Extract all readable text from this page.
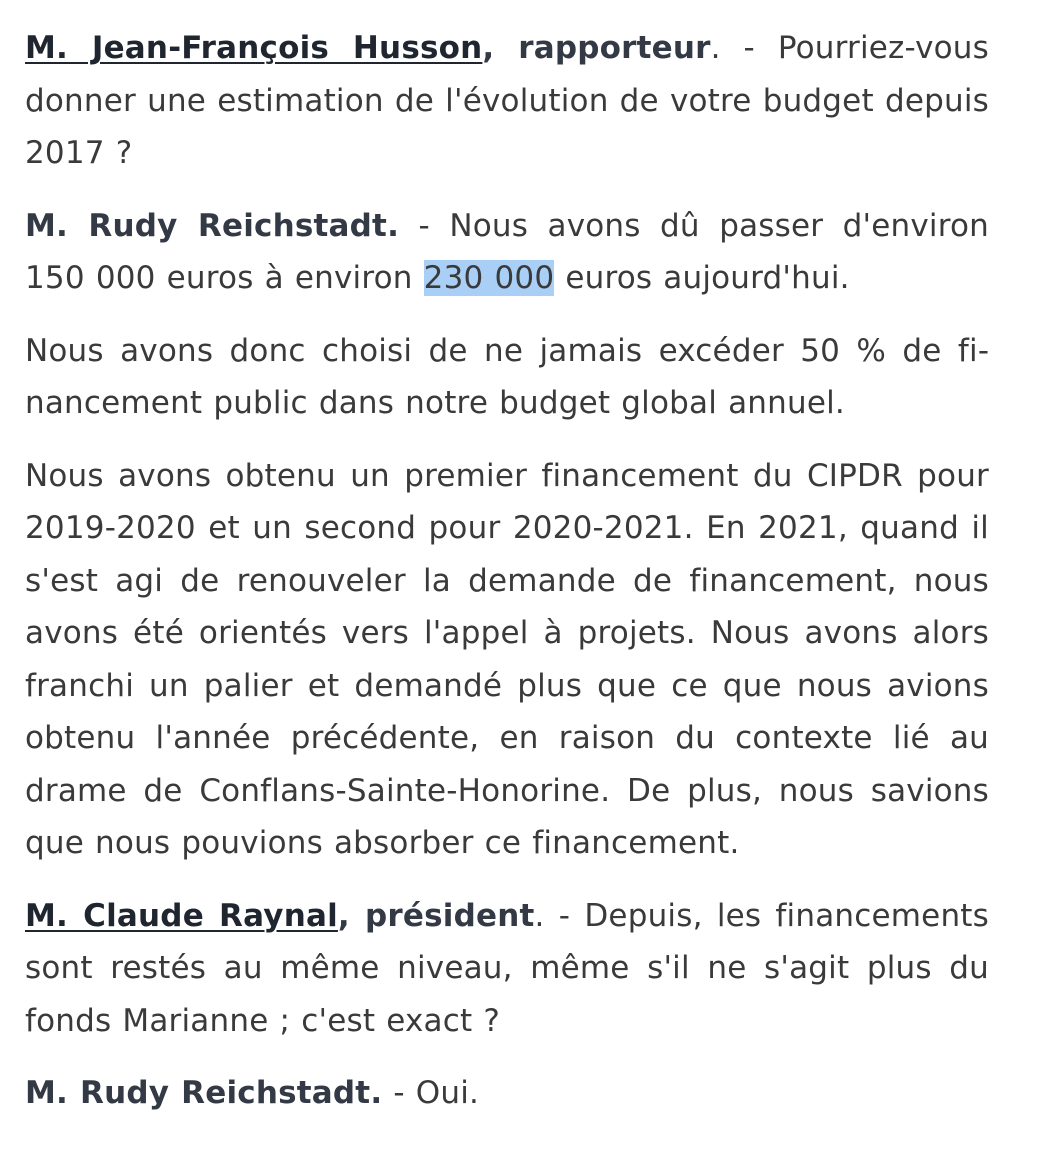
M. Jean-François Husson, rapporteur. - Pourriez-vous donner une estimation de l'évolution de votre budget depuis 2017 ?

M. Rudy Reichstadt. - Nous avons dû passer d'environ 150 000 euros à environ 230 000 euros aujourd'hui.

Nous avons donc choisi de ne jamais excéder 50 % de financement public dans notre budget global annuel.

Nous avons obtenu un premier financement du CIPDR pour 2019-2020 et un second pour 2020-2021. En 2021, quand il s'est agi de renouveler la demande de financement, nous avons été orientés vers l'appel à projets. Nous avons alors franchi un palier et demandé plus que ce que nous avions obtenu l'année précédente, en raison du contexte lié au drame de Conflans-Sainte-Honorine. De plus, nous savions que nous pouvions absorber ce financement.

M. Claude Raynal, président. - Depuis, les financements sont restés au même niveau, même s'il ne s'agit plus du fonds Marianne ; c'est exact ?

M. Rudy Reichstadt. - Oui.
